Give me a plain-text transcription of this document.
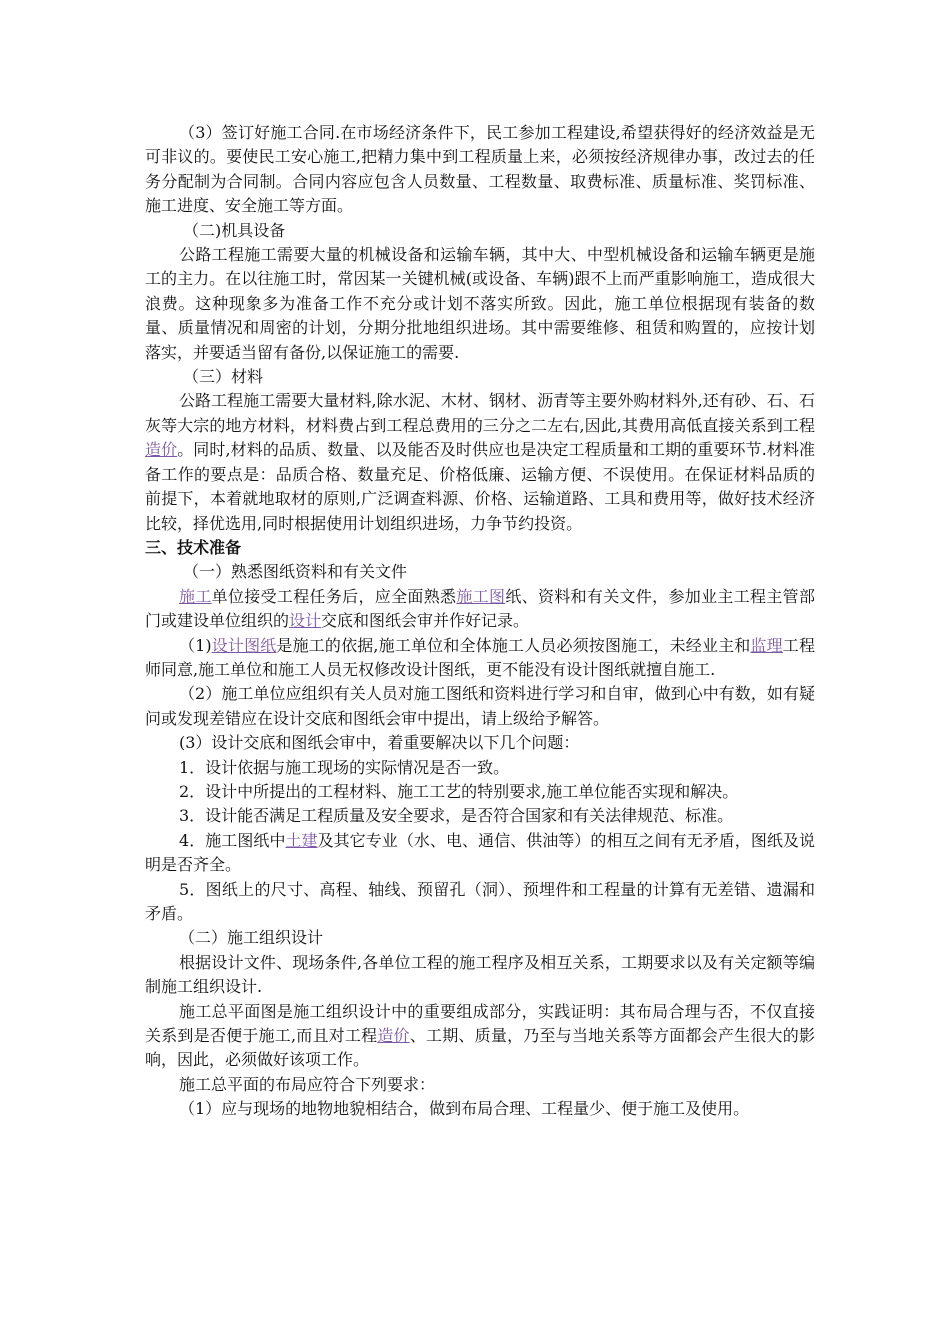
（3）签订好施工合同.在市场经济条件下，民工参加工程建设,希望获得好的经济效益是无可非议的。要使民工安心施工,把精力集中到工程质量上来，必须按经济规律办事，改过去的任务分配制为合同制。合同内容应包含人员数量、工程数量、取费标准、质量标准、奖罚标准、施工进度、安全施工等方面。

（二)机具设备

公路工程施工需要大量的机械设备和运输车辆，其中大、中型机械设备和运输车辆更是施工的主力。在以往施工时，常因某一关键机械(或设备、车辆)跟不上而严重影响施工，造成很大浪费。这种现象多为准备工作不充分或计划不落实所致。因此，施工单位根据现有装备的数量、质量情况和周密的计划，分期分批地组织进场。其中需要维修、租赁和购置的，应按计划落实，并要适当留有备份,以保证施工的需要.

（三）材料

公路工程施工需要大量材料,除水泥、木材、钢材、沥青等主要外购材料外,还有砂、石、石灰等大宗的地方材料，材料费占到工程总费用的三分之二左右,因此,其费用高低直接关系到工程造价。同时,材料的品质、数量、以及能否及时供应也是决定工程质量和工期的重要环节.材料准备工作的要点是：品质合格、数量充足、价格低廉、运输方便、不误使用。在保证材料品质的前提下，本着就地取材的原则,广泛调查料源、价格、运输道路、工具和费用等，做好技术经济比较，择优选用,同时根据使用计划组织进场，力争节约投资。

三、技术准备

（一）熟悉图纸资料和有关文件

施工单位接受工程任务后，应全面熟悉施工图纸、资料和有关文件，参加业主工程主管部门或建设单位组织的设计交底和图纸会审并作好记录。

（1)设计图纸是施工的依据,施工单位和全体施工人员必须按图施工，未经业主和监理工程师同意,施工单位和施工人员无权修改设计图纸，更不能没有设计图纸就擅自施工.

（2）施工单位应组织有关人员对施工图纸和资料进行学习和自审，做到心中有数，如有疑问或发现差错应在设计交底和图纸会审中提出，请上级给予解答。

(3）设计交底和图纸会审中，着重要解决以下几个问题：

1．设计依据与施工现场的实际情况是否一致。

2．设计中所提出的工程材料、施工工艺的特别要求,施工单位能否实现和解决。

3．设计能否满足工程质量及安全要求，是否符合国家和有关法律规范、标准。

4．施工图纸中土建及其它专业（水、电、通信、供油等）的相互之间有无矛盾，图纸及说明是否齐全。

5．图纸上的尺寸、高程、轴线、预留孔（洞）、预埋件和工程量的计算有无差错、遗漏和矛盾。

（二）施工组织设计

根据设计文件、现场条件,各单位工程的施工程序及相互关系，工期要求以及有关定额等编制施工组织设计.

施工总平面图是施工组织设计中的重要组成部分，实践证明：其布局合理与否，不仅直接关系到是否便于施工,而且对工程造价、工期、质量，乃至与当地关系等方面都会产生很大的影响，因此，必须做好该项工作。

施工总平面的布局应符合下列要求：

（1）应与现场的地物地貌相结合，做到布局合理、工程量少、便于施工及使用。
